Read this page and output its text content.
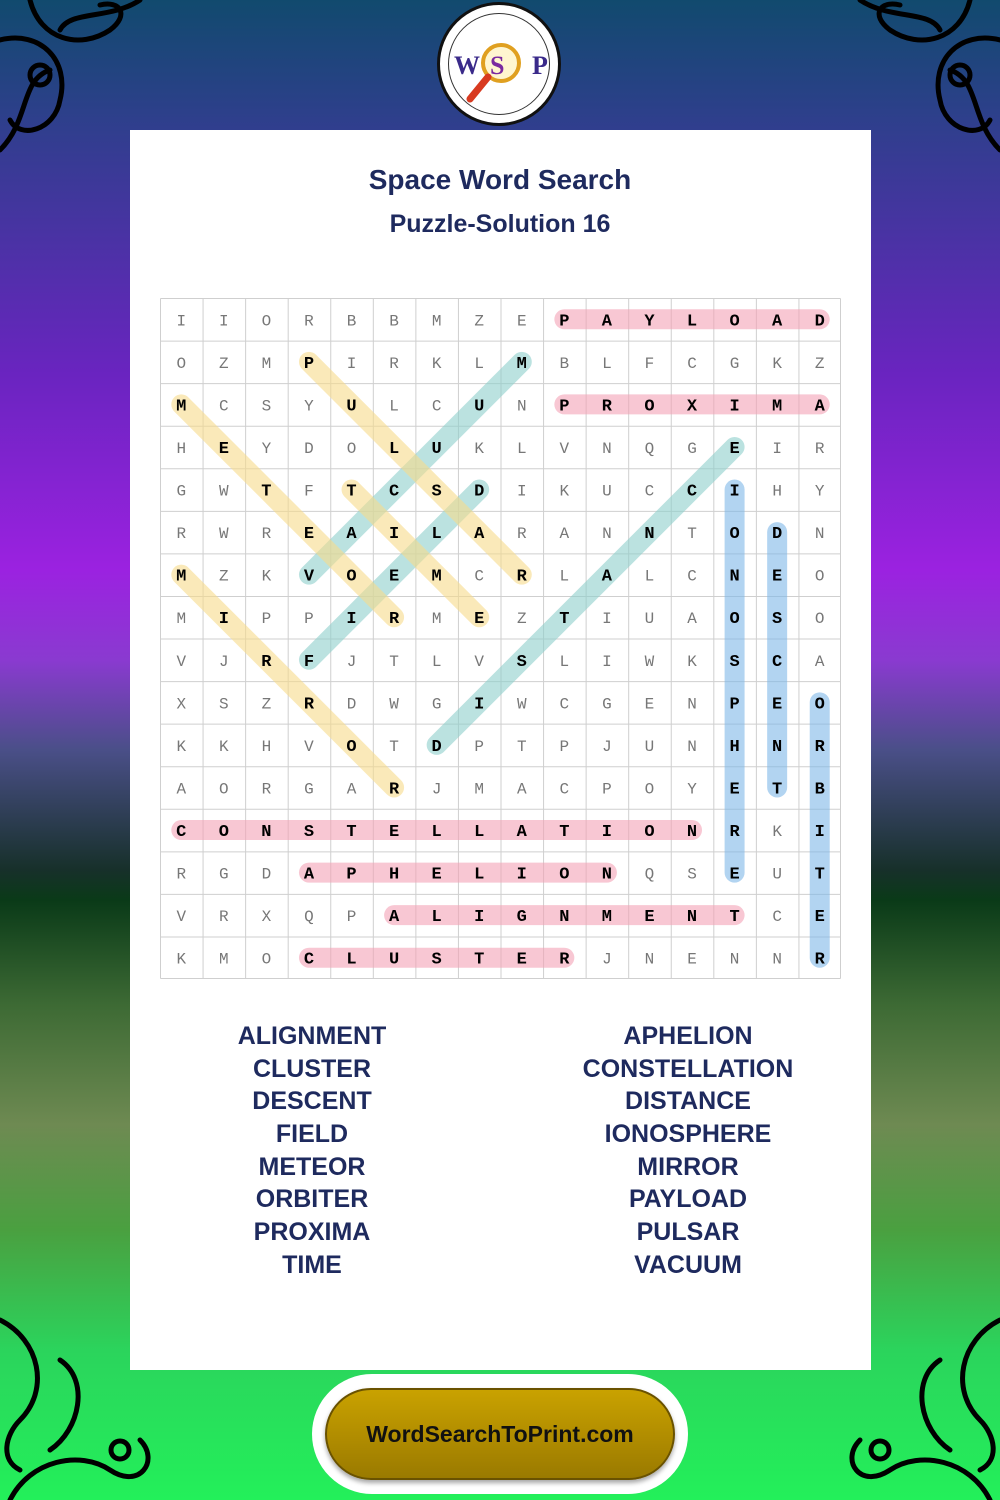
W S P
Space Word Search
Puzzle-Solution 16
I I O R B B M Z E P A Y L O A D
O Z M P I R K L M B L F C G K Z
M C S Y U L C U N P R O X I M A
H E Y D O L U K L V N Q G E I R
G W T F T C S D I K U C C I H Y
R W R E A I L A R A N N T O D N
M Z K V O E M C R L A L C N E O
M I P P I R M E Z T I U A O S O
V J R F J T L V S L I W K S C A
X S Z R D W G I W C G E N P E O
K K H V O T D P T P J U N H N R
A O R G A R J M A C P O Y E T B
C O N S T E L L A T I O N R K I
R G D A P H E L I O N Q S E U T
V R X Q P A L I G N M E N T C E
K M O C L U S T E R J N E N N R
ALIGNMENT
CLUSTER
DESCENT
FIELD
METEOR
ORBITER
PROXIMA
TIME
APHELION
CONSTELLATION
DISTANCE
IONOSPHERE
MIRROR
PAYLOAD
PULSAR
VACUUM
WordSearchToPrint.com
